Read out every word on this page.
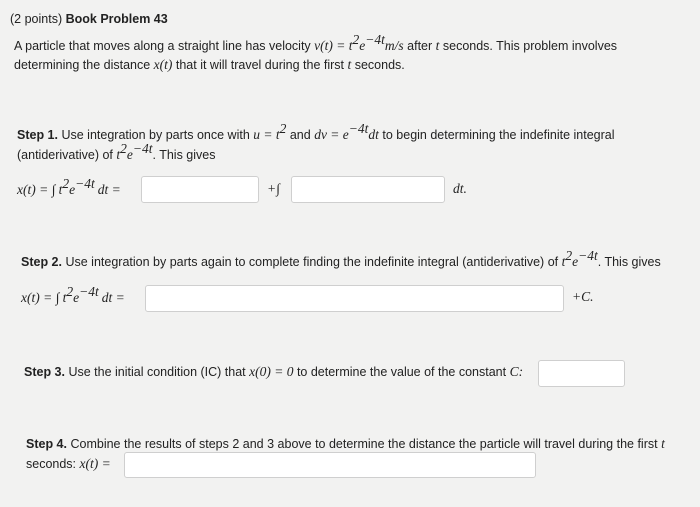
(2 points) Book Problem 43
A particle that moves along a straight line has velocity $v(t) = t^2e^{-4t}m/s$ after t seconds. This problem involves
determining the distance x(t) that it will travel during the first t seconds.
Step 1. Use integration by parts once with $u = t^2$ and dv = $e^{-4t}dt$ to begin determining the indefinite integral
(antiderivative) of $t^2e^{-4t}$. This gives
x(t) = ∫ $t^2e^{-4t}$ dt =	+∫	dt.
Step 2. Use integration by parts again to complete finding the indefinite integral (antiderivative) of $t^2e^{-4t}$. This gives
x(t) = ∫ $t^2e^{-4t}$ dt =	+C.
Step 3. Use the initial condition (IC) that x(0) = 0 to determine the value of the constant C:
Step 4. Combine the results of steps 2 and 3 above to determine the distance the particle will travel during the first t
seconds: x(t) =
